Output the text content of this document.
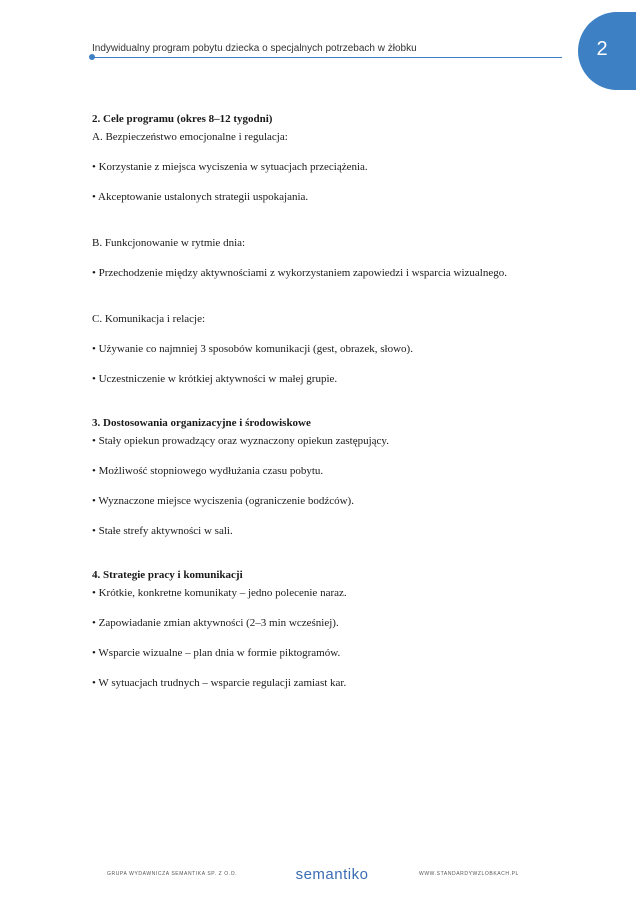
2
Indywidualny program pobytu dziecka o specjalnych potrzebach w żłobku

2. Cele programu (okres 8–12 tygodni)

A. Bezpieczeństwo emocjonalne i regulacja:

• Korzystanie z miejsca wyciszenia w sytuacjach przeciążenia.

• Akceptowanie ustalonych strategii uspokajania.

B. Funkcjonowanie w rytmie dnia:

• Przechodzenie między aktywnościami z wykorzystaniem zapowiedzi i wsparcia wizualnego.

C. Komunikacja i relacje:

• Używanie co najmniej 3 sposobów komunikacji (gest, obrazek, słowo).

• Uczestniczenie w krótkiej aktywności w małej grupie.

3. Dostosowania organizacyjne i środowiskowe

• Stały opiekun prowadzący oraz wyznaczony opiekun zastępujący.

• Możliwość stopniowego wydłużania czasu pobytu.

• Wyznaczone miejsce wyciszenia (ograniczenie bodźców).

• Stałe strefy aktywności w sali.

4. Strategie pracy i komunikacji

• Krótkie, konkretne komunikaty – jedno polecenie naraz.

• Zapowiadanie zmian aktywności (2–3 min wcześniej).

• Wsparcie wizualne – plan dnia w formie piktogramów.

• W sytuacjach trudnych – wsparcie regulacji zamiast kar.

GRUPA WYDAWNICZA SEMANTIKA SP. Z O.O.	semantiko	WWW.STANDARDYWZLOBKACH.PL
